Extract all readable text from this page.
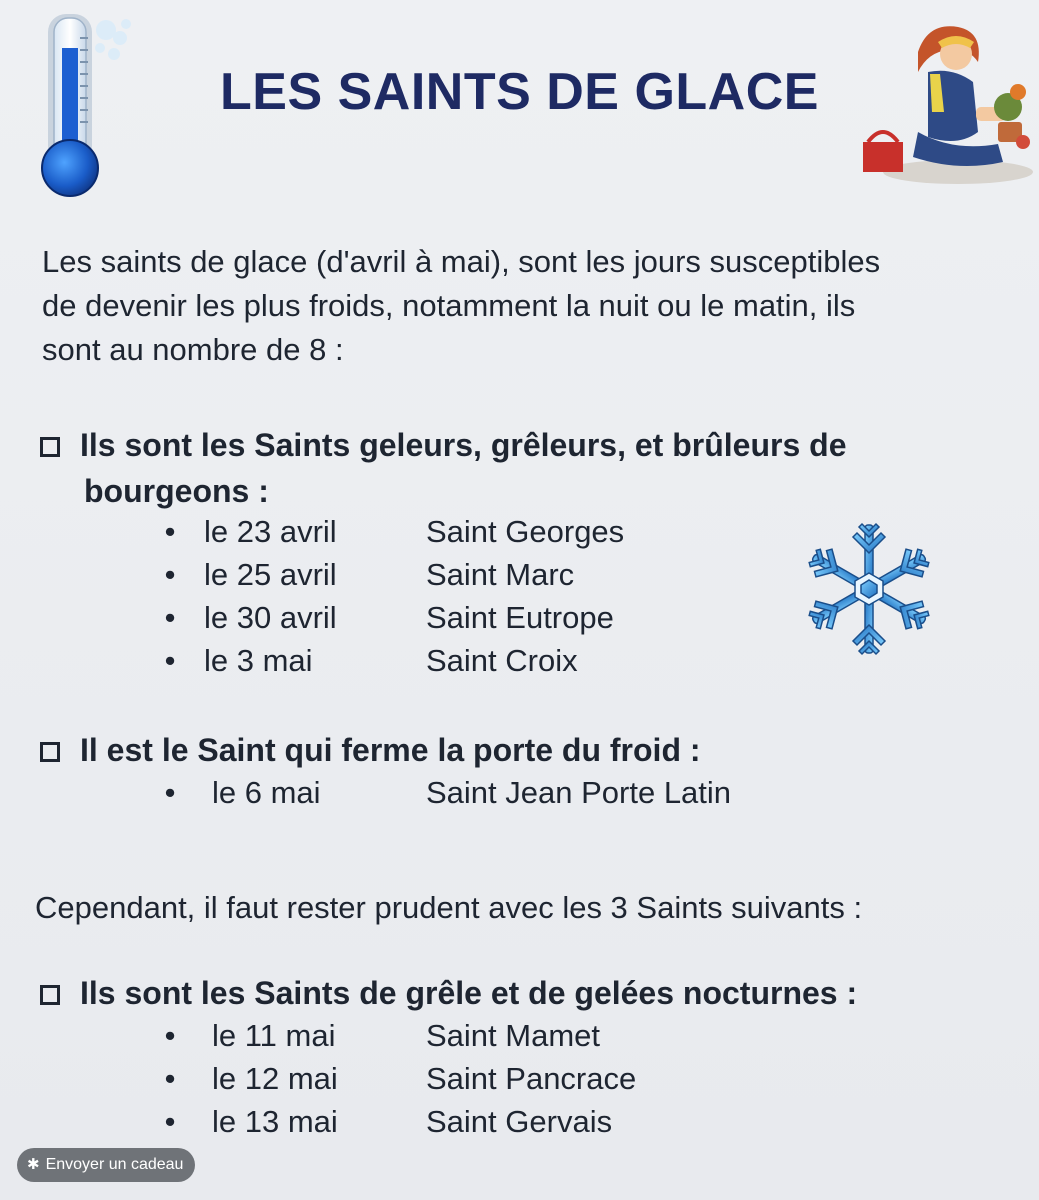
LES SAINTS DE GLACE
Les saints de glace (d'avril à mai), sont les jours susceptibles
de devenir les plus froids, notamment la nuit ou le matin, ils
sont au nombre de 8 :
Ils sont les Saints geleurs, grêleurs, et brûleurs de
bourgeons :
• le 23 avril	Saint Georges
• le 25 avril	Saint Marc
• le 30 avril	Saint Eutrope
• le 3 mai	Saint Croix
Il est le Saint qui ferme la porte du froid :
• le 6 mai	Saint Jean Porte Latin
Cependant, il faut rester prudent avec les 3 Saints suivants :
Ils sont les Saints de grêle et de gelées nocturnes :
• le 11 mai	Saint Mamet
• le 12 mai	Saint Pancrace
• le 13 mai	Saint Gervais
✱ Envoyer un cadeau
